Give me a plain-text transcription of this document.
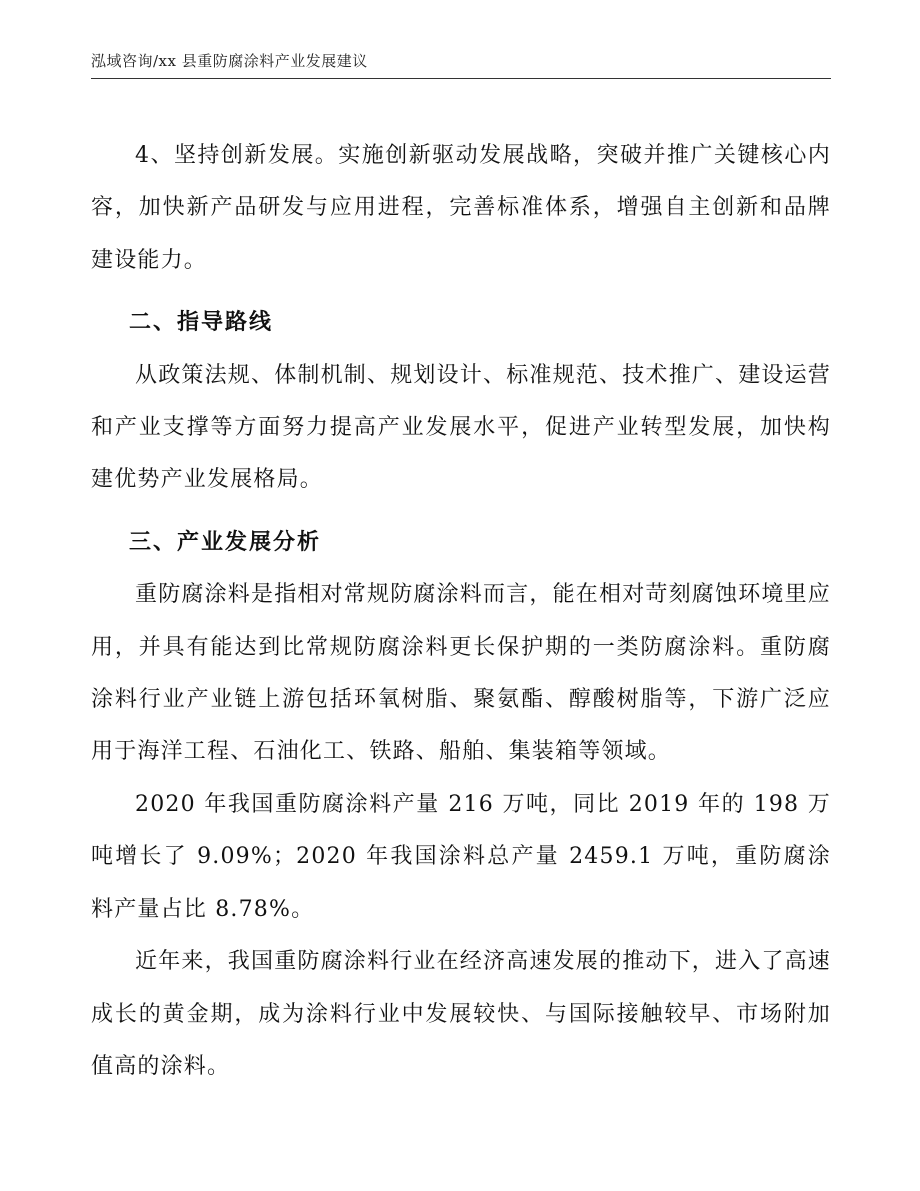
泓域咨询/xx 县重防腐涂料产业发展建议

4、坚持创新发展。实施创新驱动发展战略，突破并推广关键核心内容，加快新产品研发与应用进程，完善标准体系，增强自主创新和品牌建设能力。

二、指导路线

从政策法规、体制机制、规划设计、标准规范、技术推广、建设运营和产业支撑等方面努力提高产业发展水平，促进产业转型发展，加快构建优势产业发展格局。

三、产业发展分析

重防腐涂料是指相对常规防腐涂料而言，能在相对苛刻腐蚀环境里应用，并具有能达到比常规防腐涂料更长保护期的一类防腐涂料。重防腐涂料行业产业链上游包括环氧树脂、聚氨酯、醇酸树脂等，下游广泛应用于海洋工程、石油化工、铁路、船舶、集装箱等领域。

2020 年我国重防腐涂料产量 216 万吨，同比 2019 年的 198 万吨增长了 9.09%；2020 年我国涂料总产量 2459.1 万吨，重防腐涂料产量占比 8.78%。

近年来，我国重防腐涂料行业在经济高速发展的推动下，进入了高速成长的黄金期，成为涂料行业中发展较快、与国际接触较早、市场附加值高的涂料。
